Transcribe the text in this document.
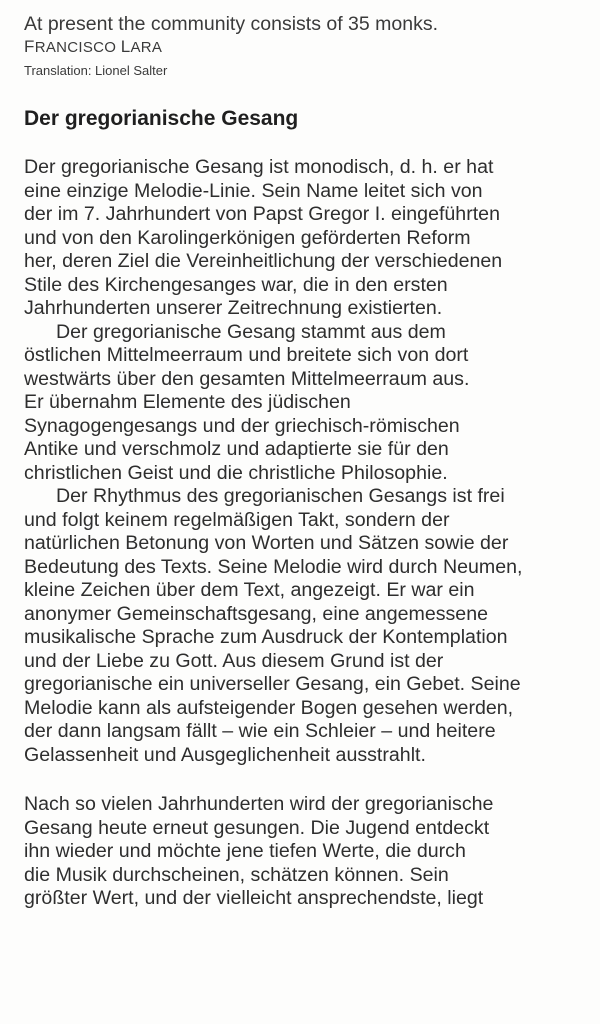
At present the community consists of 35 monks.

FRANCISCO LARA

Translation: Lionel Salter

Der gregorianische Gesang

Der gregorianische Gesang ist monodisch, d. h. er hat

eine einzige Melodie-Linie. Sein Name leitet sich von

der im 7. Jahrhundert von Papst Gregor I. eingeführten

und von den Karolingerkönigen geförderten Reform

her, deren Ziel die Vereinheitlichung der verschiedenen

Stile des Kirchengesanges war, die in den ersten

Jahrhunderten unserer Zeitrechnung existierten.

Der gregorianische Gesang stammt aus dem

östlichen Mittelmeerraum und breitete sich von dort

westwärts über den gesamten Mittelmeerraum aus.

Er übernahm Elemente des jüdischen

Synagogengesangs und der griechisch-römischen

Antike und verschmolz und adaptierte sie für den

christlichen Geist und die christliche Philosophie.

Der Rhythmus des gregorianischen Gesangs ist frei

und folgt keinem regelmäßigen Takt, sondern der

natürlichen Betonung von Worten und Sätzen sowie der

Bedeutung des Texts. Seine Melodie wird durch Neumen,

kleine Zeichen über dem Text, angezeigt. Er war ein

anonymer Gemeinschaftsgesang, eine angemessene

musikalische Sprache zum Ausdruck der Kontemplation

und der Liebe zu Gott. Aus diesem Grund ist der

gregorianische ein universeller Gesang, ein Gebet. Seine

Melodie kann als aufsteigender Bogen gesehen werden,

der dann langsam fällt – wie ein Schleier – und heitere

Gelassenheit und Ausgeglichenheit ausstrahlt.

Nach so vielen Jahrhunderten wird der gregorianische

Gesang heute erneut gesungen. Die Jugend entdeckt

ihn wieder und möchte jene tiefen Werte, die durch

die Musik durchscheinen, schätzen können. Sein

größter Wert, und der vielleicht ansprechendste, liegt
